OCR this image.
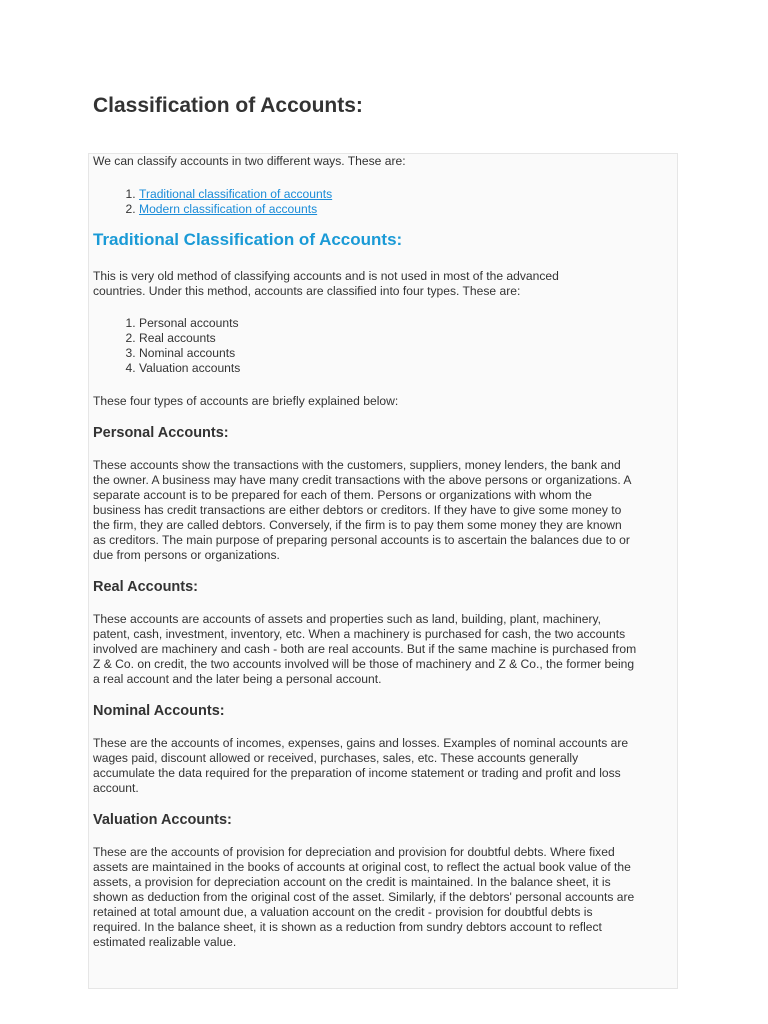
Classification of Accounts:

We can classify accounts in two different ways. These are:

1. Traditional classification of accounts
2. Modern classification of accounts
Traditional Classification of Accounts:
This is very old method of classifying accounts and is not used in most of the advanced
countries. Under this method, accounts are classified into four types. These are:
1. Personal accounts
2. Real accounts
3. Nominal accounts
4. Valuation accounts

These four types of accounts are briefly explained below:

Personal Accounts:
These accounts show the transactions with the customers, suppliers, money lenders, the bank and
the owner. A business may have many credit transactions with the above persons or organizations. A
separate account is to be prepared for each of them. Persons or organizations with whom the
business has credit transactions are either debtors or creditors. If they have to give some money to
the firm, they are called debtors. Conversely, if the firm is to pay them some money they are known
as creditors. The main purpose of preparing personal accounts is to ascertain the balances due to or
due from persons or organizations.
Real Accounts:
These accounts are accounts of assets and properties such as land, building, plant, machinery,
patent, cash, investment, inventory, etc. When a machinery is purchased for cash, the two accounts
involved are machinery and cash - both are real accounts. But if the same machine is purchased from
Z & Co. on credit, the two accounts involved will be those of machinery and Z & Co., the former being
a real account and the later being a personal account.
Nominal Accounts:
These are the accounts of incomes, expenses, gains and losses. Examples of nominal accounts are
wages paid, discount allowed or received, purchases, sales, etc. These accounts generally
accumulate the data required for the preparation of income statement or trading and profit and loss
account.
Valuation Accounts:
These are the accounts of provision for depreciation and provision for doubtful debts. Where fixed
assets are maintained in the books of accounts at original cost, to reflect the actual book value of the
assets, a provision for depreciation account on the credit is maintained. In the balance sheet, it is
shown as deduction from the original cost of the asset. Similarly, if the debtors' personal accounts are
retained at total amount due, a valuation account on the credit - provision for doubtful debts is
required. In the balance sheet, it is shown as a reduction from sundry debtors account to reflect
estimated realizable value.
